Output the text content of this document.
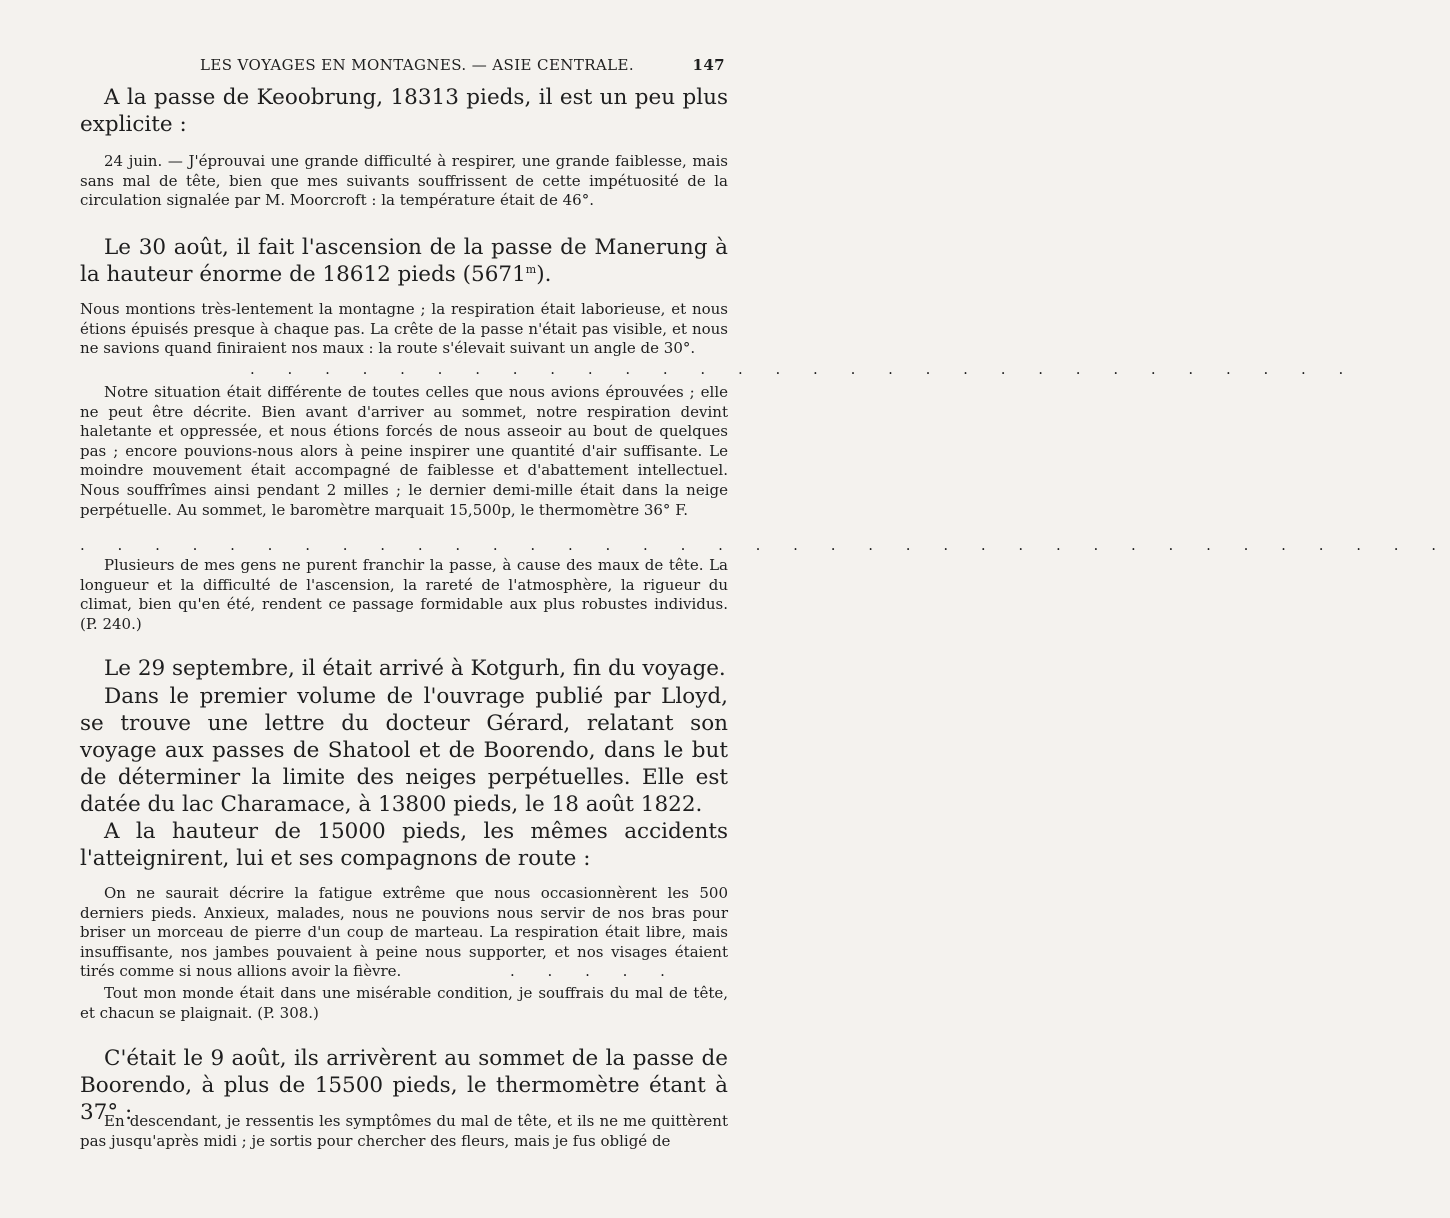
LES VOYAGES EN MONTAGNES. — ASIE CENTRALE.	147

A la passe de Keoobrung, 18313 pieds, il est un peu plus explicite :

24 juin. — J'éprouvai une grande difficulté à respirer, une grande faiblesse, mais sans mal de tête, bien que mes suivants souffrissent de cette impétuosité de la circulation signalée par M. Moorcroft : la température était de 46°.

Le 30 août, il fait l'ascension de la passe de Manerung à la hauteur énorme de 18612 pieds (5671$^m$).

Nous montions très-lentement la montagne ; la respiration était laborieuse, et nous étions épuisés presque à chaque pas. La crête de la passe n'était pas visible, et nous ne savions quand finiraient nos maux : la route s'élevait suivant un angle de 30°.

. . . . . . . . . . . . . . . . . . . . . . . . . . . . . .

Notre situation était différente de toutes celles que nous avions éprouvées ; elle ne peut être décrite. Bien avant d'arriver au sommet, notre respiration devint haletante et oppressée, et nous étions forcés de nous asseoir au bout de quelques pas ; encore pouvions-nous alors à peine inspirer une quantité d'air suffisante. Le moindre mouvement était accompagné de faiblesse et d'abattement intellectuel. Nous souffrîmes ainsi pendant 2 milles ; le dernier demi-mille était dans la neige perpétuelle. Au sommet, le baromètre marquait 15,500p, le thermomètre 36° F.

. . . . . . . . . . . . . . . . . . . . . . . . . . . . . . . . . . . . .

Plusieurs de mes gens ne purent franchir la passe, à cause des maux de tête. La longueur et la difficulté de l'ascension, la rareté de l'atmosphère, la rigueur du climat, bien qu'en été, rendent ce passage formidable aux plus robustes individus. (P. 240.)

Le 29 septembre, il était arrivé à Kotgurh, fin du voyage.

Dans le premier volume de l'ouvrage publié par Lloyd, se trouve une lettre du docteur Gérard, relatant son voyage aux passes de Shatool et de Boorendo, dans le but de déterminer la limite des neiges perpétuelles. Elle est datée du lac Charamace, à 13800 pieds, le 18 août 1822.

A la hauteur de 15000 pieds, les mêmes accidents l'atteignirent, lui et ses compagnons de route :

On ne saurait décrire la fatigue extrême que nous occasionnèrent les 500 derniers pieds. Anxieux, malades, nous ne pouvions nous servir de nos bras pour briser un morceau de pierre d'un coup de marteau. La respiration était libre, mais insuffisante, nos jambes pouvaient à peine nous supporter, et nos visages étaient tirés comme si nous allions avoir la fièvre.	. . . . .

Tout mon monde était dans une misérable condition, je souffrais du mal de tête, et chacun se plaignait. (P. 308.)

C'était le 9 août, ils arrivèrent au sommet de la passe de Boorendo, à plus de 15500 pieds, le thermomètre étant à 37° :

En descendant, je ressentis les symptômes du mal de tête, et ils ne me quittèrent pas jusqu'après midi ; je sortis pour chercher des fleurs, mais je fus obligé de
